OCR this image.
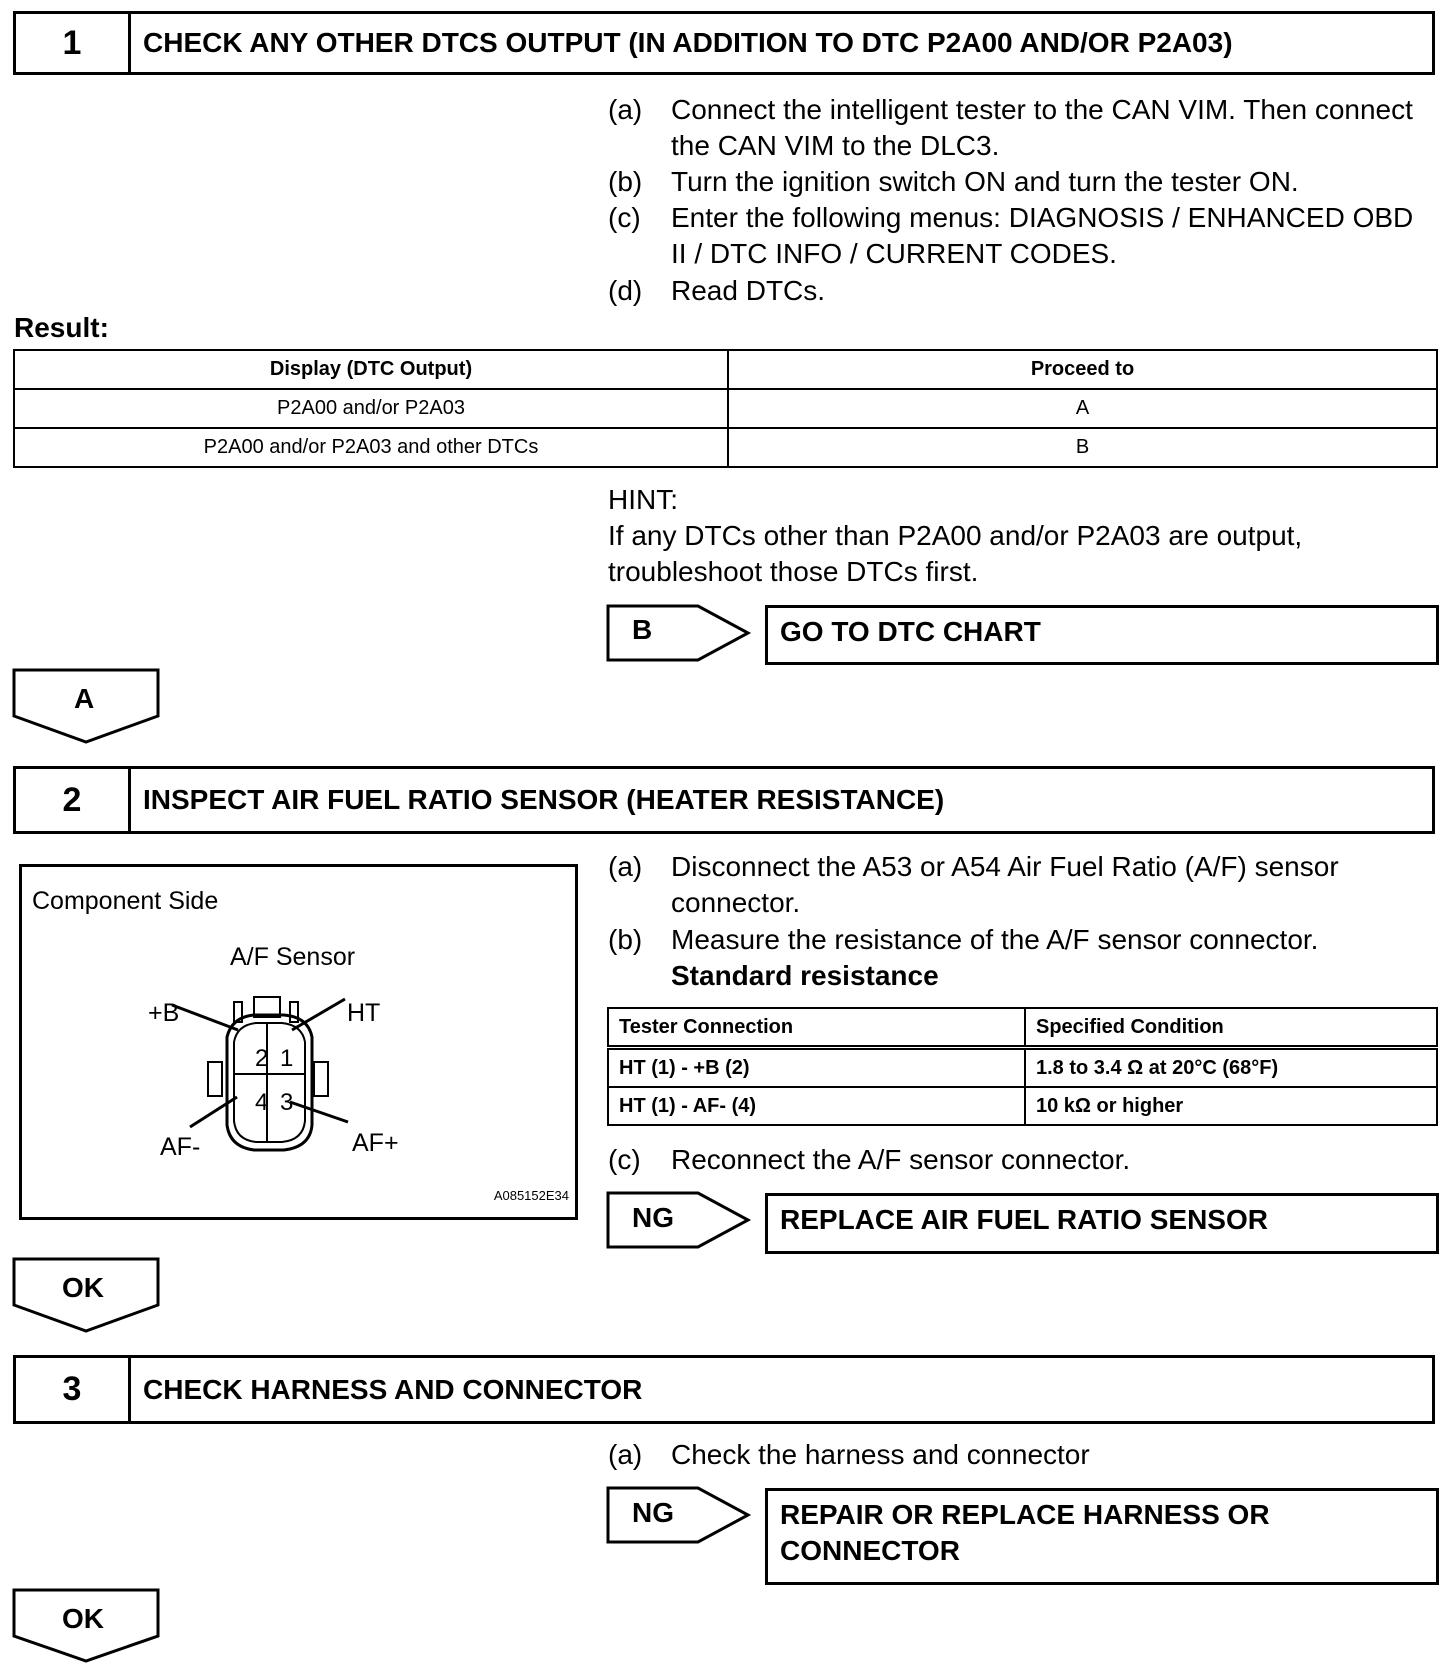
1	CHECK ANY OTHER DTCS OUTPUT (IN ADDITION TO DTC P2A00 AND/OR P2A03)
(a) Connect the intelligent tester to the CAN VIM. Then connect the CAN VIM to the DLC3.
(b) Turn the ignition switch ON and turn the tester ON.
(c) Enter the following menus: DIAGNOSIS / ENHANCED OBD II / DTC INFO / CURRENT CODES.
(d) Read DTCs.
Result:
Display (DTC Output)	Proceed to
P2A00 and/or P2A03	A
P2A00 and/or P2A03 and other DTCs	B
HINT:
If any DTCs other than P2A00 and/or P2A03 are output, troubleshoot those DTCs first.
B	GO TO DTC CHART
A
2	INSPECT AIR FUEL RATIO SENSOR (HEATER RESISTANCE)
Component Side
A/F Sensor
2 1
4 3
+B	HT
AF-	AF+
A085152E34
(a) Disconnect the A53 or A54 Air Fuel Ratio (A/F) sensor connector.
(b) Measure the resistance of the A/F sensor connector.
Standard resistance
Tester Connection	Specified Condition
HT (1) - +B (2)	1.8 to 3.4 Ω at 20°C (68°F)
HT (1) - AF- (4)	10 kΩ or higher
(c) Reconnect the A/F sensor connector.
NG	REPLACE AIR FUEL RATIO SENSOR
OK
3	CHECK HARNESS AND CONNECTOR
(a) Check the harness and connector
NG	REPAIR OR REPLACE HARNESS OR CONNECTOR
OK
